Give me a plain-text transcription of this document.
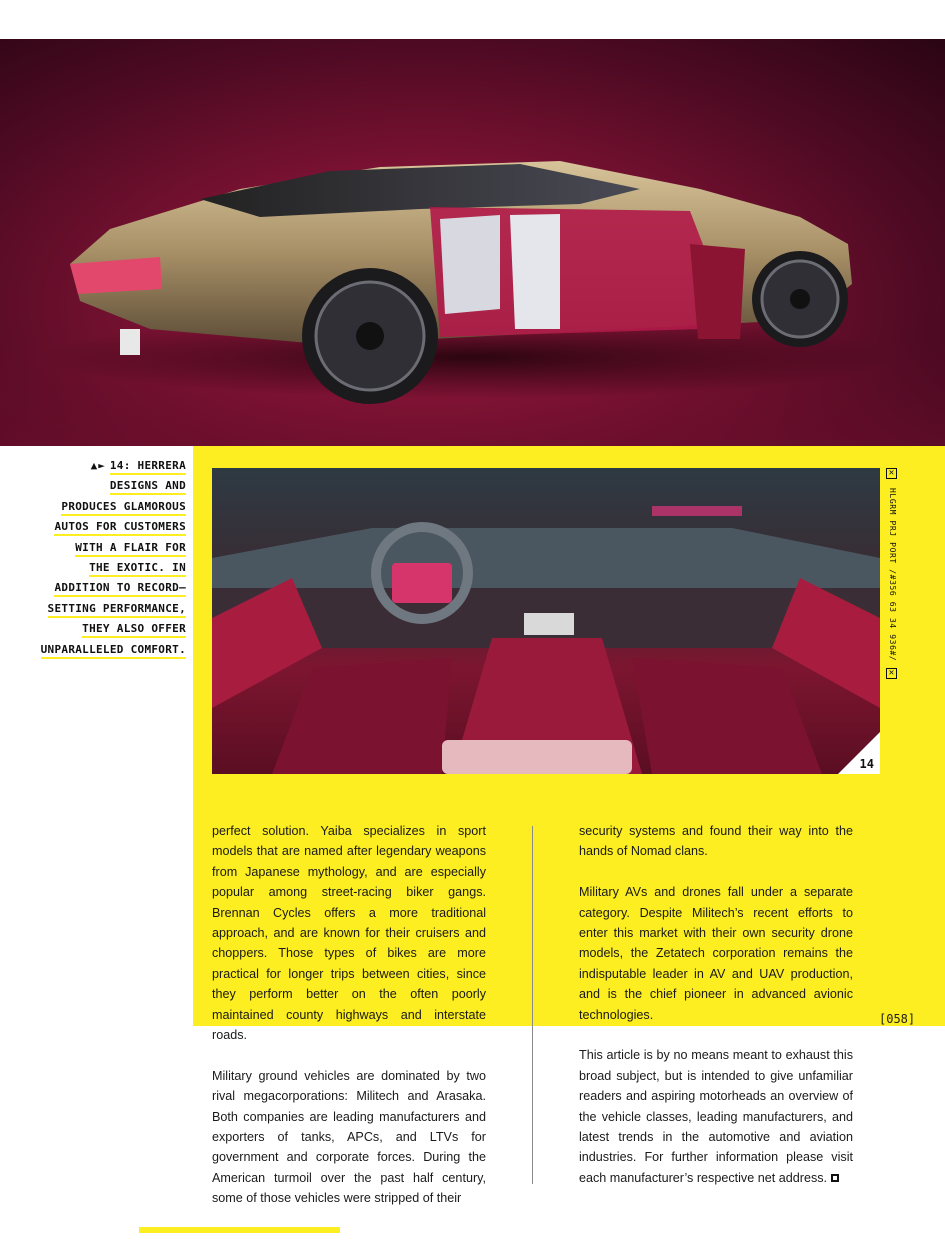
▲► 14: HERRERA
DESIGNS AND
PRODUCES GLAMOROUS
AUTOS FOR CUSTOMERS
WITH A FLAIR FOR
THE EXOTIC. IN
ADDITION TO RECORD–
SETTING PERFORMANCE,
THEY ALSO OFFER
UNPARALLELED COMFORT.
14
✕
HLGRM PRJ PORT /#356 63 34 936#/
✕

perfect solution. Yaiba specializes in sport models that are named after legendary weapons from Japanese mythology, and are especially popular among street-racing biker gangs. Brennan Cycles offers a more traditional approach, and are known for their cruisers and choppers. Those types of bikes are more practical for longer trips between cities, since they perform better on the often poorly maintained county highways and interstate roads.

Military ground vehicles are dominated by two rival megacorporations: Militech and Arasaka. Both companies are leading manufacturers and exporters of tanks, APCs, and LTVs for government and corporate forces. During the American turmoil over the past half century, some of those vehicles were stripped of their

security systems and found their way into the hands of Nomad clans.

Military AVs and drones fall under a separate category. Despite Militech’s recent efforts to enter this market with their own security drone models, the Zetatech corporation remains the indisputable leader in AV and UAV production, and is the chief pioneer in advanced avionic technologies.

This article is by no means meant to exhaust this broad subject, but is intended to give unfamiliar readers and aspiring motorheads an overview of the vehicle classes, leading manufacturers, and latest trends in the automotive and aviation industries. For further information please visit each manufacturer’s respective net address.

[058]
